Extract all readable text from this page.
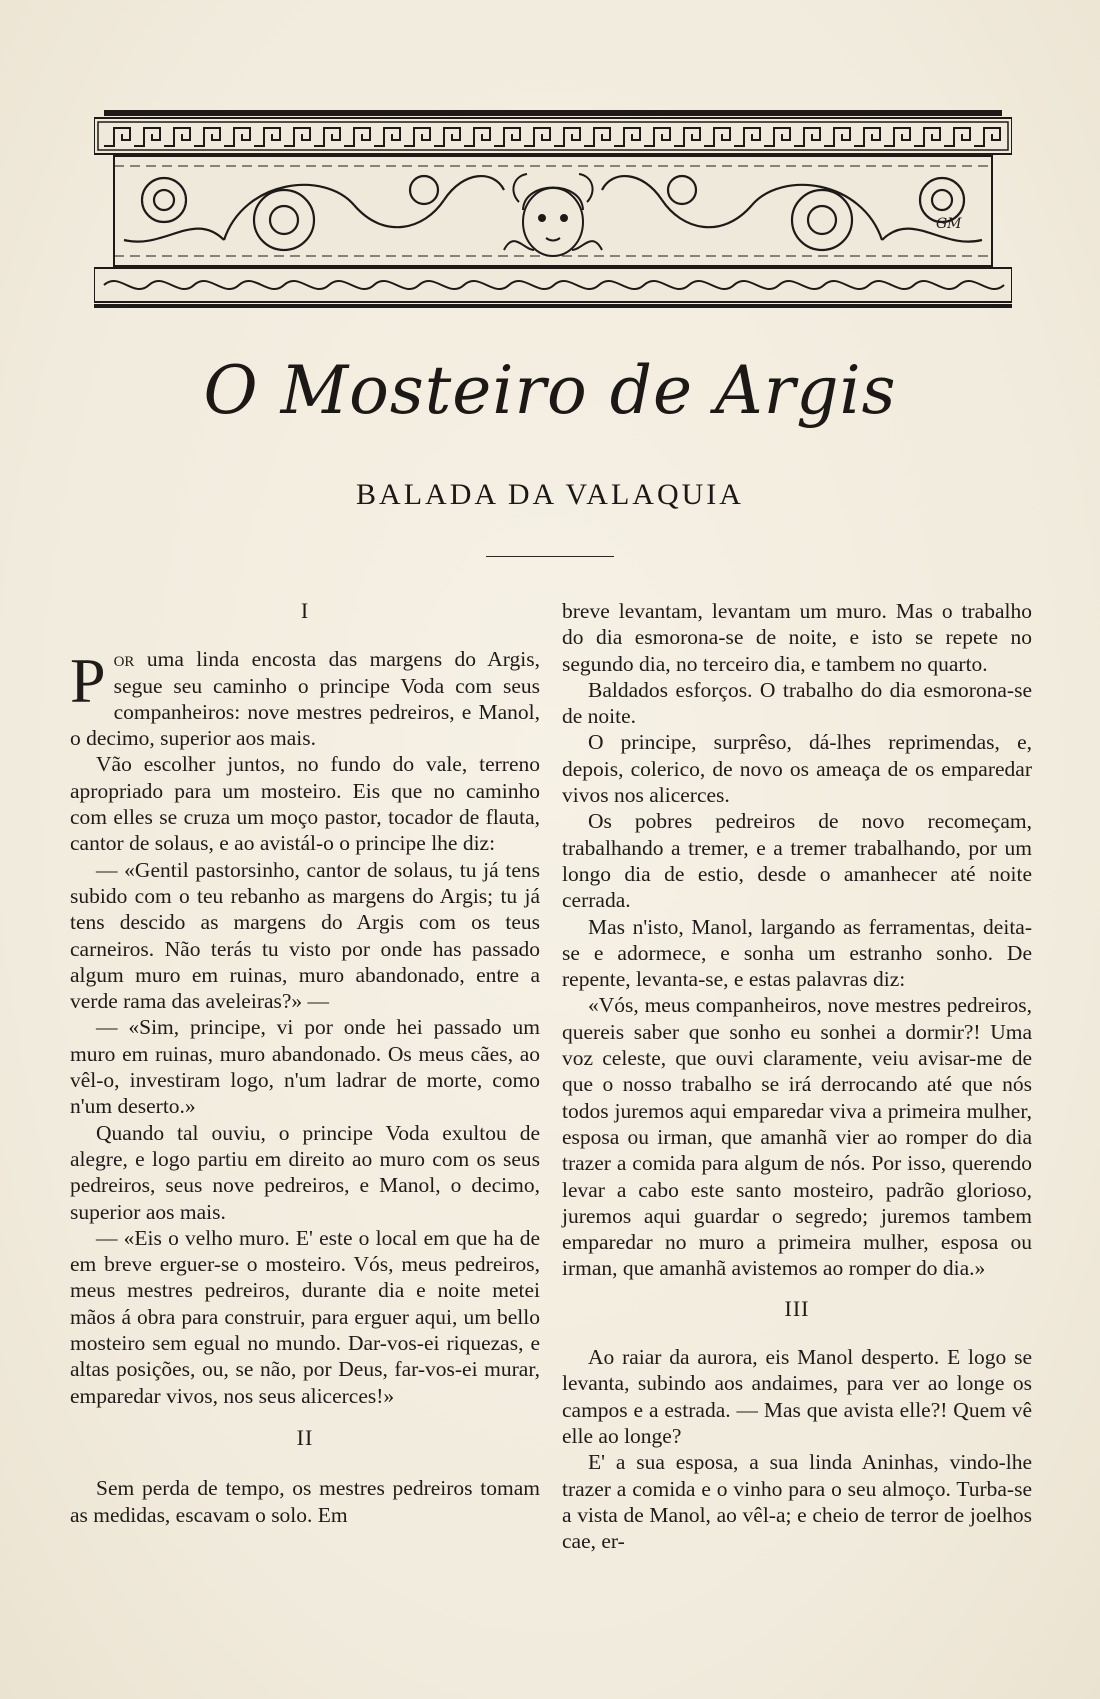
GM
O Mosteiro de Argis
BALADA DA VALAQUIA
I

Por uma linda encosta das margens do Argis, segue seu caminho o principe Voda com seus companheiros: nove mestres pedreiros, e Manol, o decimo, superior aos mais.

Vão escolher juntos, no fundo do vale, terreno apropriado para um mosteiro. Eis que no caminho com elles se cruza um moço pastor, tocador de flauta, cantor de solaus, e ao avistál-o o principe lhe diz:

— «Gentil pastorsinho, cantor de solaus, tu já tens subido com o teu rebanho as margens do Argis; tu já tens descido as margens do Argis com os teus carneiros. Não terás tu visto por onde has passado algum muro em ruinas, muro abandonado, entre a verde rama das aveleiras?» —

— «Sim, principe, vi por onde hei passado um muro em ruinas, muro abandonado. Os meus cães, ao vêl-o, investiram logo, n'um ladrar de morte, como n'um deserto.»

Quando tal ouviu, o principe Voda exultou de alegre, e logo partiu em direito ao muro com os seus pedreiros, seus nove pedreiros, e Manol, o decimo, superior aos mais.

— «Eis o velho muro. E' este o local em que ha de em breve erguer-se o mosteiro. Vós, meus pedreiros, meus mestres pedreiros, durante dia e noite metei mãos á obra para construir, para erguer aqui, um bello mosteiro sem egual no mundo. Dar-vos-ei riquezas, e altas posições, ou, se não, por Deus, far-vos-ei murar, emparedar vivos, nos seus alicerces!»

II

Sem perda de tempo, os mestres pedreiros tomam as medidas, escavam o solo. Em

breve levantam, levantam um muro. Mas o trabalho do dia esmorona-se de noite, e isto se repete no segundo dia, no terceiro dia, e tambem no quarto.

Baldados esforços. O trabalho do dia esmorona-se de noite.

O principe, surprêso, dá-lhes reprimendas, e, depois, colerico, de novo os ameaça de os emparedar vivos nos alicerces.

Os pobres pedreiros de novo recomeçam, trabalhando a tremer, e a tremer trabalhando, por um longo dia de estio, desde o amanhecer até noite cerrada.

Mas n'isto, Manol, largando as ferramentas, deita-se e adormece, e sonha um estranho sonho. De repente, levanta-se, e estas palavras diz:

«Vós, meus companheiros, nove mestres pedreiros, quereis saber que sonho eu sonhei a dormir?! Uma voz celeste, que ouvi claramente, veiu avisar-me de que o nosso trabalho se irá derrocando até que nós todos juremos aqui emparedar viva a primeira mulher, esposa ou irman, que amanhã vier ao romper do dia trazer a comida para algum de nós. Por isso, querendo levar a cabo este santo mosteiro, padrão glorioso, juremos aqui guardar o segredo; juremos tambem emparedar no muro a primeira mulher, esposa ou irman, que amanhã avistemos ao romper do dia.»

III

Ao raiar da aurora, eis Manol desperto. E logo se levanta, subindo aos andaimes, para ver ao longe os campos e a estrada. — Mas que avista elle?! Quem vê elle ao longe?

E' a sua esposa, a sua linda Aninhas, vindo-lhe trazer a comida e o vinho para o seu almoço. Turba-se a vista de Manol, ao vêl-a; e cheio de terror de joelhos cae, er-
